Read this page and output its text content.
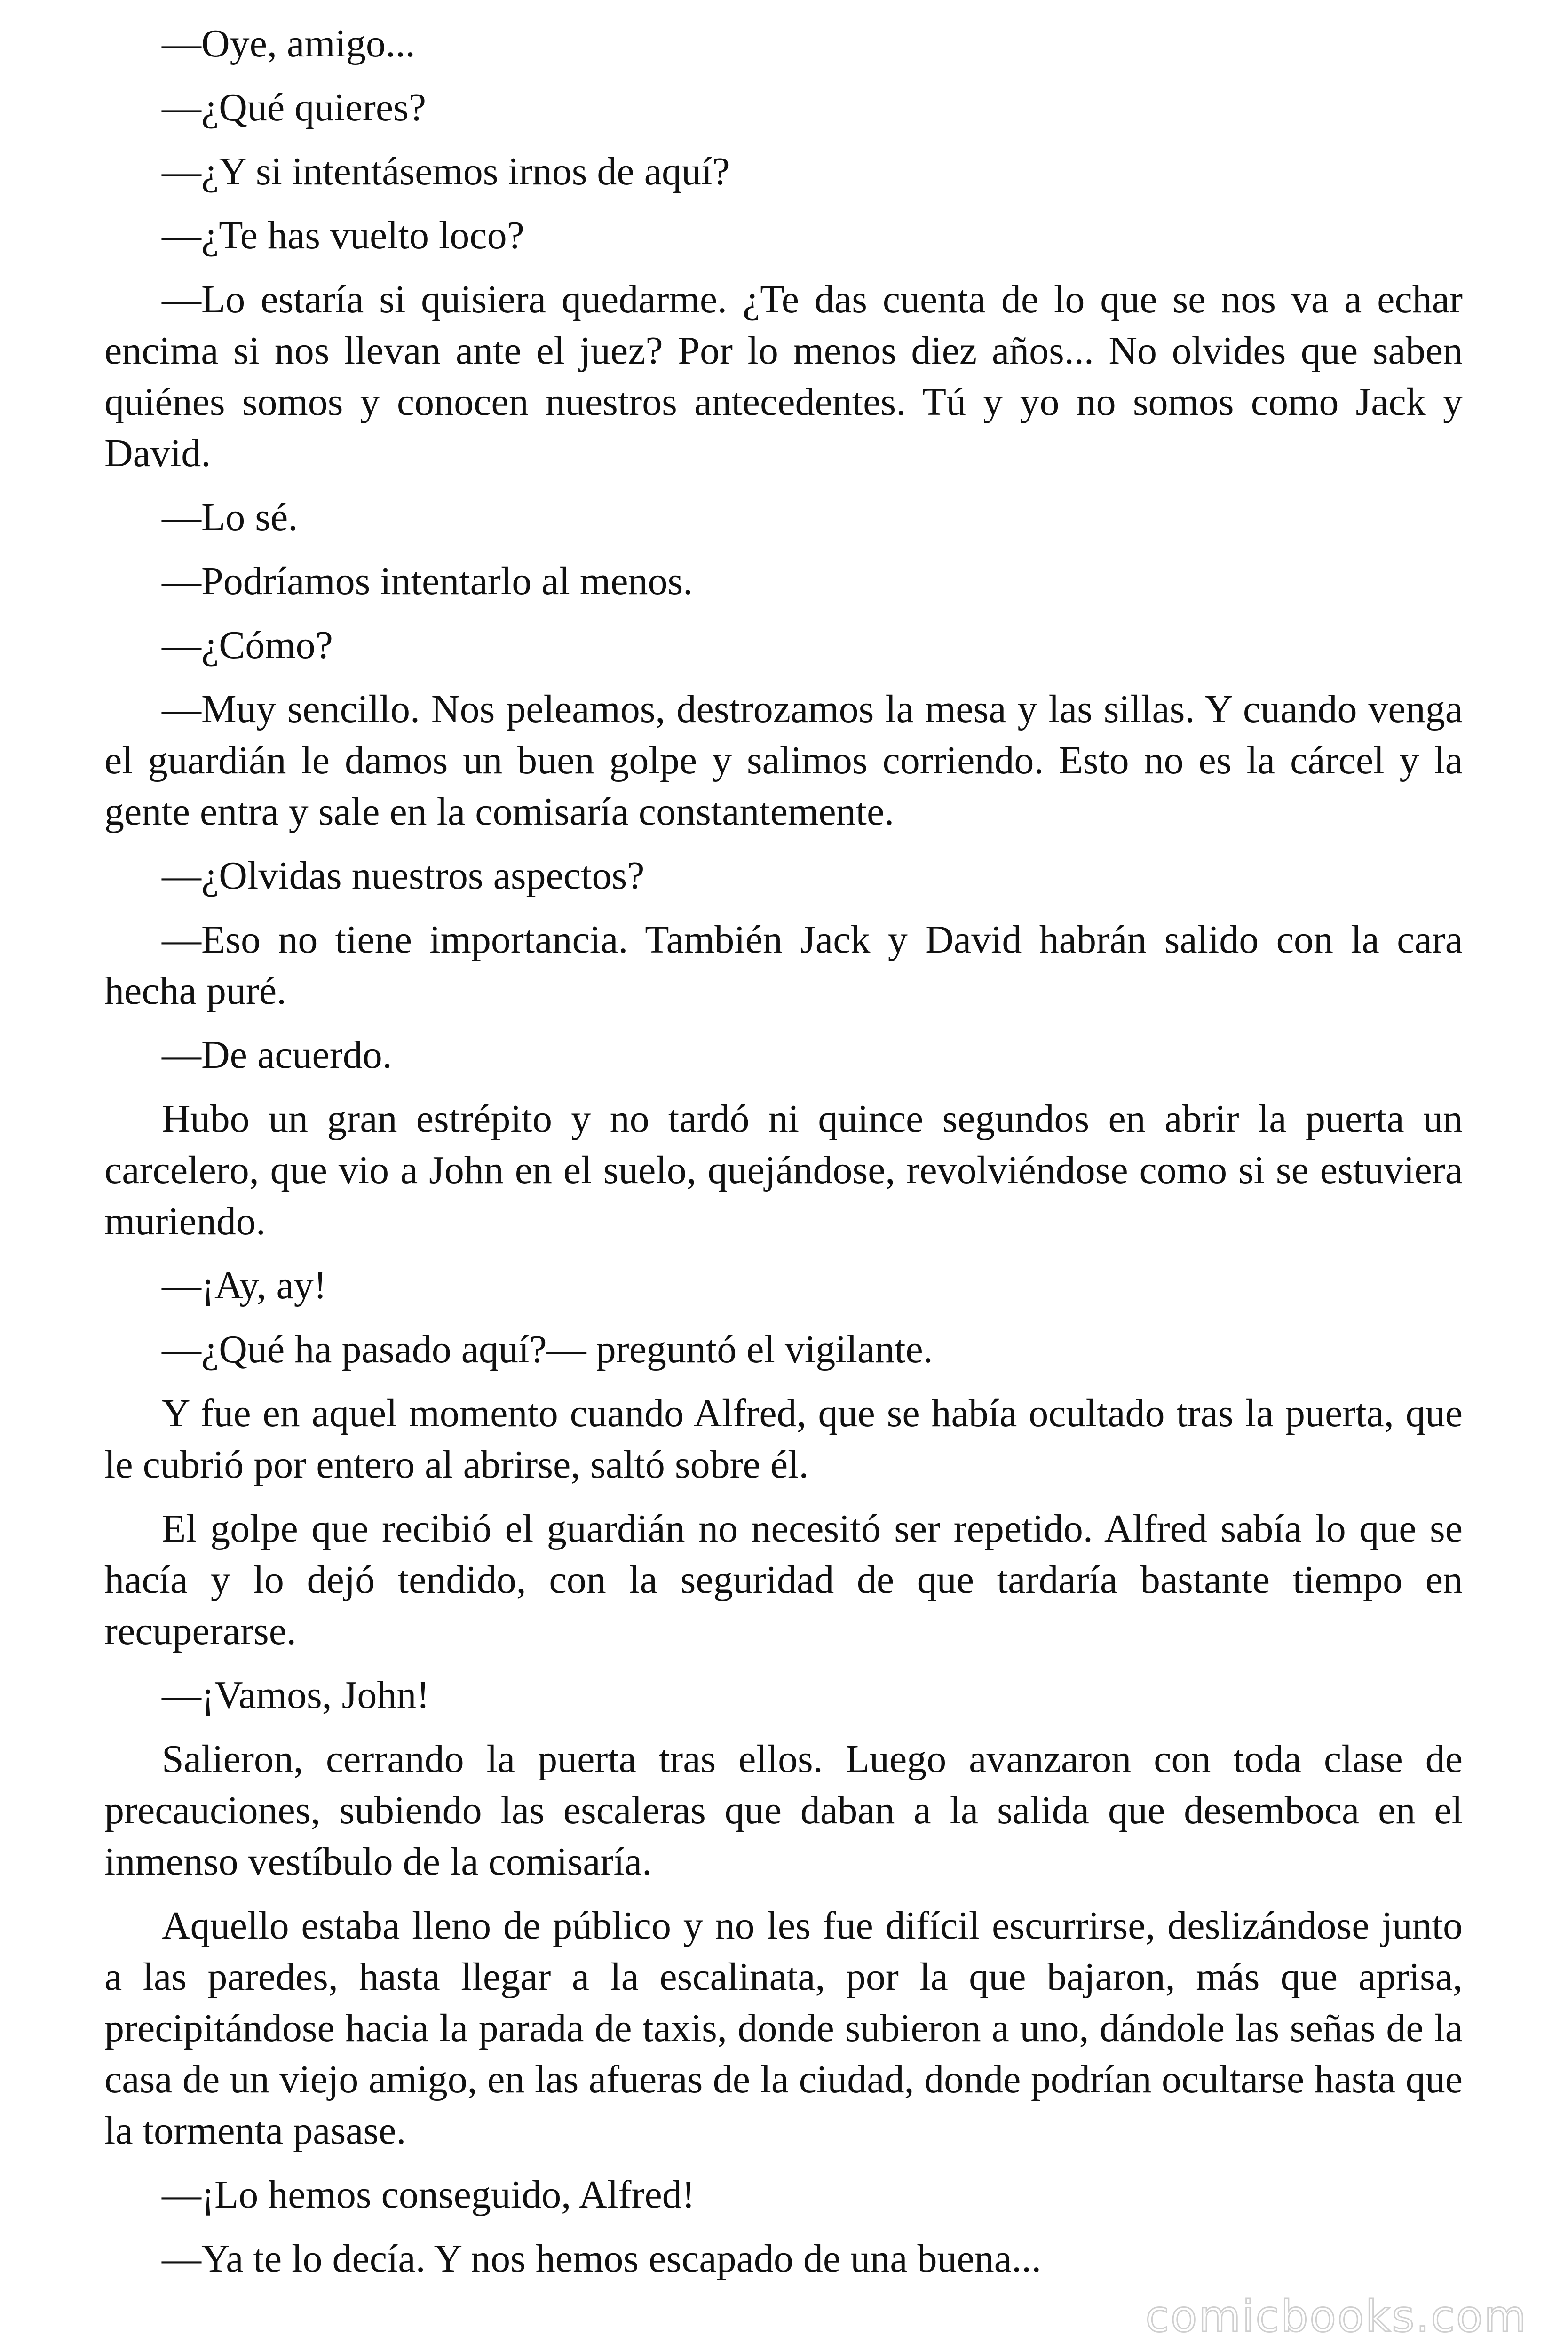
—Oye, amigo...

—¿Qué quieres?

—¿Y si intentásemos irnos de aquí?

—¿Te has vuelto loco?

—Lo estaría si quisiera quedarme. ¿Te das cuenta de lo que se nos va a echar encima si nos llevan ante el juez? Por lo menos diez años... No olvides que saben quiénes somos y conocen nuestros antecedentes. Tú y yo no somos como Jack y David.

—Lo sé.

—Podríamos intentarlo al menos.

—¿Cómo?

—Muy sencillo. Nos peleamos, destrozamos la mesa y las sillas. Y cuando venga el guardián le damos un buen golpe y salimos corriendo. Esto no es la cárcel y la gente entra y sale en la comisaría constantemente.

—¿Olvidas nuestros aspectos?

—Eso no tiene importancia. También Jack y David habrán salido con la cara hecha puré.

—De acuerdo.

Hubo un gran estrépito y no tardó ni quince segundos en abrir la puerta un carcelero, que vio a John en el suelo, quejándose, revolviéndose como si se estuviera muriendo.

—¡Ay, ay!

—¿Qué ha pasado aquí?— preguntó el vigilante.

Y fue en aquel momento cuando Alfred, que se había ocultado tras la puerta, que le cubrió por entero al abrirse, saltó sobre él.

El golpe que recibió el guardián no necesitó ser repetido. Alfred sabía lo que se hacía y lo dejó tendido, con la seguridad de que tardaría bastante tiempo en recuperarse.

—¡Vamos, John!

Salieron, cerrando la puerta tras ellos. Luego avanzaron con toda clase de precauciones, subiendo las escaleras que daban a la salida que desemboca en el inmenso vestíbulo de la comisaría.

Aquello estaba lleno de público y no les fue difícil escurrirse, deslizándose junto a las paredes, hasta llegar a la escalinata, por la que bajaron, más que aprisa, precipitándose hacia la parada de taxis, donde subieron a uno, dándole las señas de la casa de un viejo amigo, en las afueras de la ciudad, donde podrían ocultarse hasta que la tormenta pasase.

—¡Lo hemos conseguido, Alfred!

—Ya te lo decía. Y nos hemos escapado de una buena...

comicbooks.com
